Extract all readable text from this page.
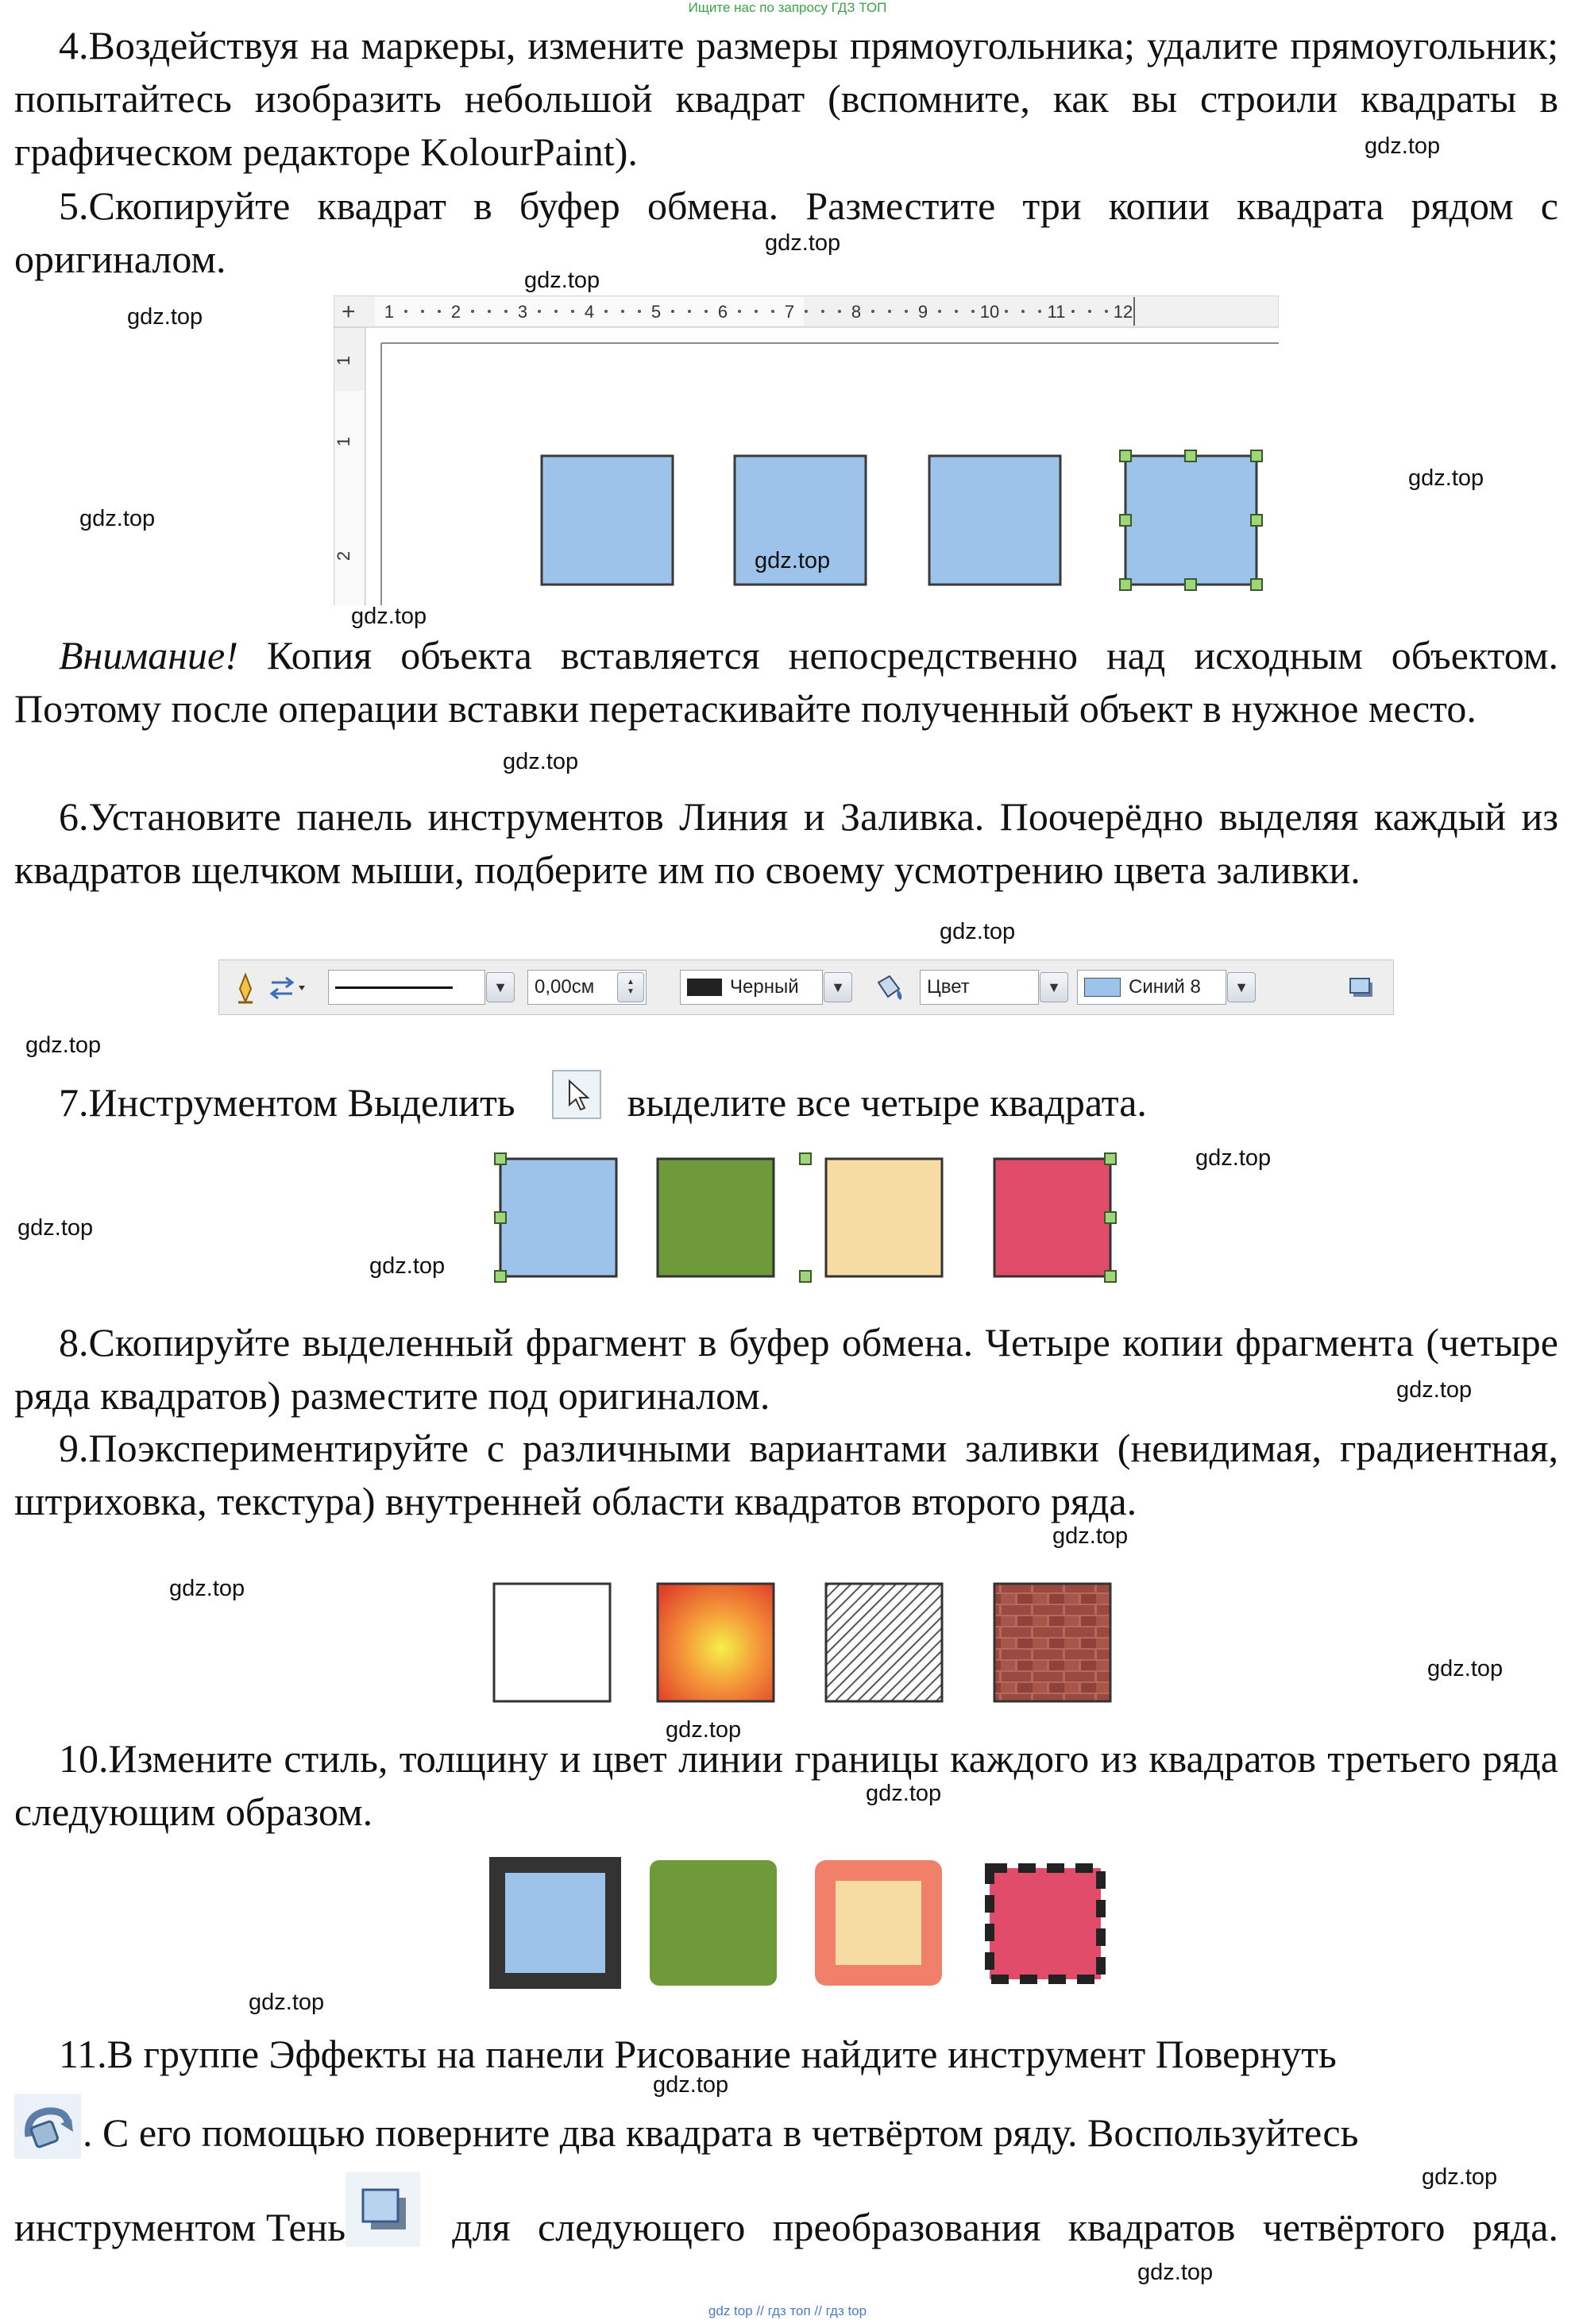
Ищите нас по запросу ГДЗ ТОП
4.Воздействуя на маркеры, измените размеры прямоугольника; удалите прямоугольник; попытайтесь изобразить небольшой квадрат (вспомните, как вы строили квадраты в графическом редакторе KolourPaint).
5.Скопируйте квадрат в буфер обмена. Разместите три копии квадрата рядом с оригиналом.
+ 1	2	3	4	5	6	7	8	9	10	11	12
1
1
2
Внимание! Копия объекта вставляется непосредственно над исходным объектом. Поэтому после операции вставки перетаскивайте полученный объект в нужное место.
6.Установите панель инструментов Линия и Заливка. Поочерёдно выделяя каждый из квадратов щелчком мыши, подберите им по своему усмотрению цвета заливки.
▼	0,00см	▲
▼	Черный	▼	Цвет	▼	Синий 8	▼
7.Инструментом Выделить	выделите все четыре квадрата.
8.Скопируйте выделенный фрагмент в буфер обмена. Четыре копии фрагмента (четыре ряда квадратов) разместите под оригиналом.
9.Поэкспериментируйте с различными вариантами заливки (невидимая, градиентная, штриховка, текстура) внутренней области квадратов второго ряда.
10.Измените стиль, толщину и цвет линии границы каждого из квадратов третьего ряда следующим образом.
11.В группе Эффекты на панели Рисование найдите инструмент Повернуть
. С его помощью поверните два квадрата в четвёртом ряду. Воспользуйтесь
инструментом Тень	для следующего преобразования квадратов четвёртого ряда.
gdz.top
gdz.top
gdz.top
gdz.top
gdz.top
gdz.top
gdz.top
gdz.top
gdz.top
gdz.top
gdz.top
gdz.top
gdz.top
gdz.top
gdz.top
gdz.top
gdz.top
gdz.top
gdz.top
gdz.top
gdz.top
gdz.top
gdz.top
gdz.top
gdz top // гдз топ // гдз top
